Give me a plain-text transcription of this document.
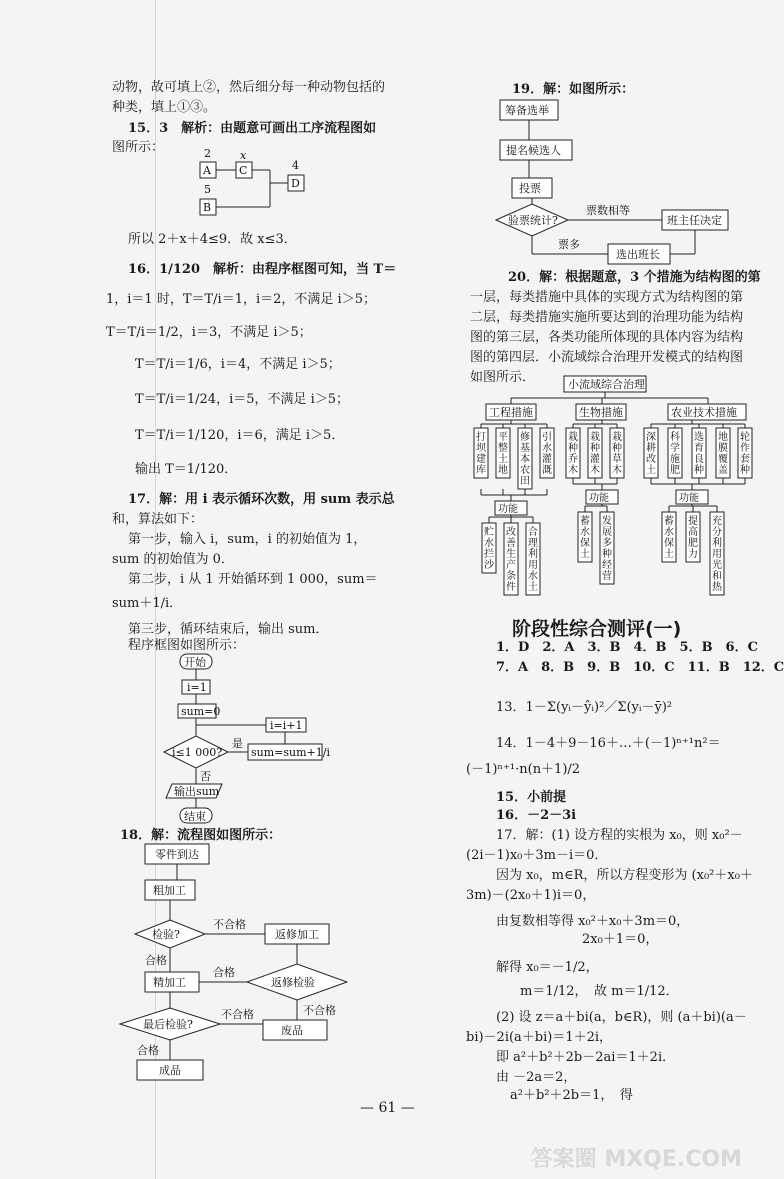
动物，故可填上②，然后细分每一种动物包括的
种类，填上①③。
15．3　解析：由题意可画出工序流程图如
图所示：	2
A
x
C	4
D
5
B
所以 2＋x＋4≤9．故 x≤3．
16．1/120　解析：由程序框图可知，当 T＝
1，i＝1 时，T＝T/i＝1，i＝2，不满足 i＞5；
T＝T/i＝1/2，i＝3，不满足 i＞5；
T＝T/i＝1/6，i＝4，不满足 i＞5；
T＝T/i＝1/24，i＝5，不满足 i＞5；
T＝T/i＝1/120，i＝6，满足 i＞5．
输出 T＝1/120．
17．解：用 i 表示循环次数，用 sum 表示总
和，算法如下：
第一步，输入 i，sum，i 的初始值为 1，
sum 的初始值为 0．
第二步，i 从 1 开始循环到 1 000，sum＝
sum＋1/i．
第三步，循环结束后，输出 sum．
程序框图如图所示：
开始
i=1
sum=0
i≤1 000?
是
sum=sum+1/i
i=i+1
否
输出sum
结束
18．解：流程图如图所示：
零件到达
粗加工
检验?
不合格
返修加工
合格
精加工	返修检验
合格
不合格
最后检验?
不合格
废品
合格
成品
19．解：如图所示：
筹备选举
提名候选人
投票
验票统计?
票数相等
班主任决定
票多
选出班长
20．解：根据题意，3 个措施为结构图的第
一层，每类措施中具体的实现方式为结构图的第
二层，每类措施实施所要达到的治理功能为结构
图的第三层，各类功能所体现的具体内容为结构
图的第四层．小流域综合治理开发模式的结构图
如图所示．	小流域综合治理
工程措施	生物措施	农业技术措施
打坝建库
平整土地
修基本农田
引水灌溉
功能
贮水拦沙
改善生产条件
合理利用水土
栽种乔木
栽种灌木
栽种草木
功能
蓄水保土
发展多种经营
深耕改土
科学施肥
选育良种
地膜覆盖
轮作套种
功能
蓄水保土
提高肥力
充分利用光和热
阶段性综合测评(一)
1．D　2．A　3．B　4．B　5．B　6．C
7．A　8．B　9．B　10．C　11．B　12．C
13．1－Σ(yᵢ－ŷᵢ)²／Σ(yᵢ－ȳ)²
14．1－4＋9－16＋…＋(－1)ⁿ⁺¹n²＝
(－1)ⁿ⁺¹·n(n＋1)/2
15．小前提
16．－2－3i
17．解：(1) 设方程的实根为 x₀，则 x₀²－
(2i－1)x₀＋3m－i＝0．
因为 x₀，m∈R，所以方程变形为 (x₀²＋x₀＋
3m)－(2x₀＋1)i＝0，
由复数相等得 x₀²＋x₀＋3m＝0，
2x₀＋1＝0，
解得 x₀＝－1/2，
m＝1/12，　故 m＝1/12．
(2) 设 z＝a＋bi(a，b∈R)，则 (a＋bi)(a－
bi)－2i(a＋bi)＝1＋2i，
即 a²＋b²＋2b－2ai＝1＋2i．
由 －2a＝2，
a²＋b²＋2b＝1，　得
— 61 —
答案圈 MXQE.COM
